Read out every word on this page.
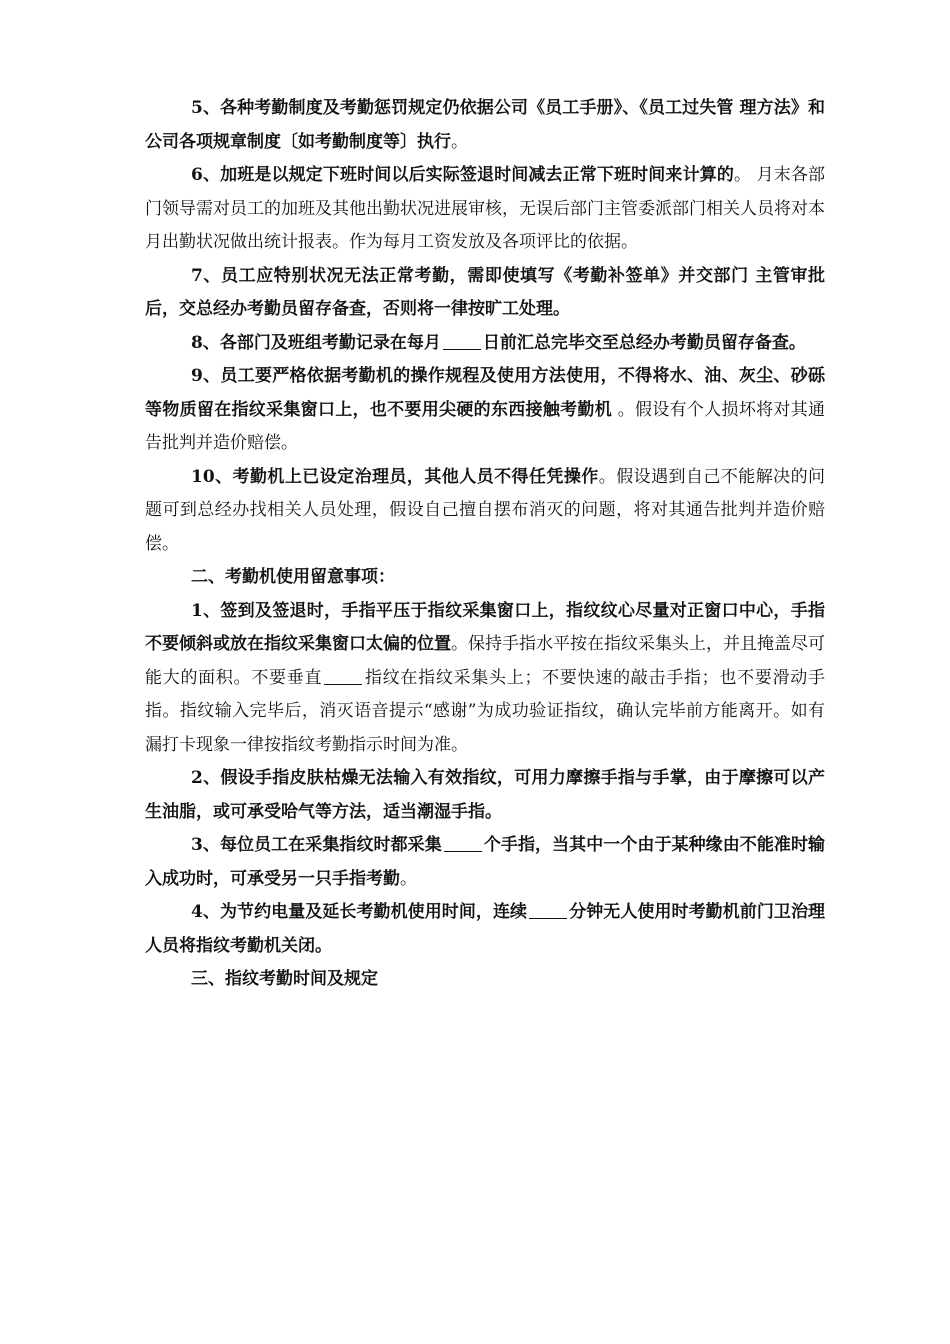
5、各种考勤制度及考勤惩罚规定仍依据公司《员工手册》、《员工过失管 理方法》和公司各项规章制度〔如考勤制度等〕执行。

6、加班是以规定下班时间以后实际签退时间减去正常下班时间来计算的。 月末各部门领导需对员工的加班及其他出勤状况进展审核，无误后部门主管委派部门相关人员将对本月出勤状况做出统计报表。作为每月工资发放及各项评比的依据。

7、员工应特别状况无法正常考勤，需即使填写《考勤补签单》并交部门 主管审批后，交总经办考勤员留存备查，否则将一律按旷工处理。

8、各部门及班组考勤记录在每月 日前汇总完毕交至总经办考勤员留存备查。

9、员工要严格依据考勤机的操作规程及使用方法使用，不得将水、油、灰尘、砂砾等物质留在指纹采集窗口上，也不要用尖硬的东西接触考勤机 。假设有个人损坏将对其通告批判并造价赔偿。

10、考勤机上已设定治理员，其他人员不得任凭操作。假设遇到自己不能解决的问题可到总经办找相关人员处理，假设自己擅自摆布消灭的问题，将对其通告批判并造价赔偿。

二、考勤机使用留意事项：

1、签到及签退时，手指平压于指纹采集窗口上，指纹纹心尽量对正窗口中心，手指不要倾斜或放在指纹采集窗口太偏的位置。保持手指水平按在指纹采集头上，并且掩盖尽可能大的面积。不要垂直 指纹在指纹采集头上；不要快速的敲击手指；也不要滑动手指。指纹输入完毕后，消灭语音提示“感谢”为成功验证指纹，确认完毕前方能离开。如有漏打卡现象一律按指纹考勤指示时间为准。

2、假设手指皮肤枯燥无法输入有效指纹，可用力摩擦手指与手掌，由于摩擦可以产生油脂，或可承受哈气等方法，适当潮湿手指。

3、每位员工在采集指纹时都采集 个手指，当其中一个由于某种缘由不能准时输入成功时，可承受另一只手指考勤。

4、为节约电量及延长考勤机使用时间，连续 分钟无人使用时考勤机前门卫治理人员将指纹考勤机关闭。

三、指纹考勤时间及规定
